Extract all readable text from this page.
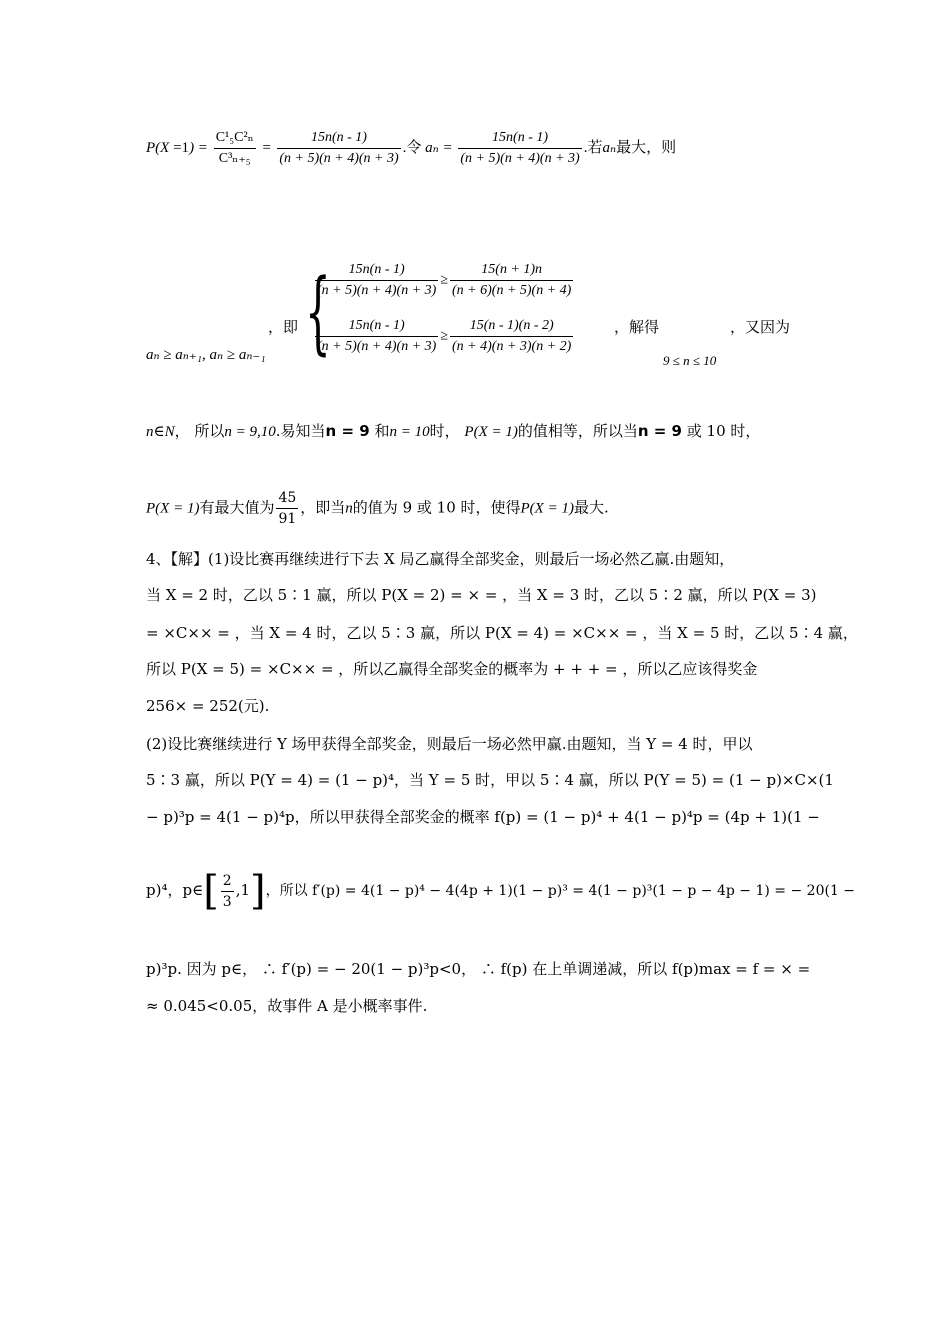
$P(X =1) = \frac{\text{C¹₅C²ₙ}}{\text{C³ₙ₊₅}} = \frac{15n(n - 1)}{(n + 5)(n + 4)(n + 3)}$ .令 $a_n = \frac{15n(n - 1)}{(n + 5)(n + 4)(n + 3)}$ .若aₙ最大，则
aₙ ≥ aₙ₊₁, aₙ ≥ aₙ₋₁
，即 {
$\frac{15n(n - 1)}{(n + 5)(n + 4)(n + 3)} \ge \frac{15(n + 1)n}{(n + 6)(n + 5)(n + 4)}$
$\frac{15n(n - 1)}{(n + 5)(n + 4)(n + 3)} \ge \frac{15(n - 1)(n - 2)}{(n + 4)(n + 3)(n + 2)}$	，解得	，又因为
9 ≤ n ≤ 10
n∈N， 所以n = 9,10.易知当n = 9 和n = 10时， P(X = 1)的值相等，所以当n = 9 或 10 时，
P(X = 1)有最大值为 $\frac{45}{91}$ ，即当n的值为 9 或 10 时，使得P(X = 1)最大.
4、【解】(1)设比赛再继续进行下去 X 局乙赢得全部奖金，则最后一场必然乙赢.由题知，
当 X = 2 时，乙以 5∶1 赢，所以 P(X = 2) = × = ，当 X = 3 时，乙以 5∶2 赢，所以 P(X = 3)
= ×C×× = ，当 X = 4 时，乙以 5∶3 赢，所以 P(X = 4) = ×C×× = ，当 X = 5 时，乙以 5∶4 赢，
所以 P(X = 5) = ×C×× = ，所以乙赢得全部奖金的概率为 + + + = ，所以乙应该得奖金
256× = 252(元).
(2)设比赛继续进行 Y 场甲获得全部奖金，则最后一场必然甲赢.由题知，当 Y = 4 时，甲以
5∶3 赢，所以 P(Y = 4) = (1 − p)⁴，当 Y = 5 时，甲以 5∶4 赢，所以 P(Y = 5) = (1 − p)×C×(1
− p)³p = 4(1 − p)⁴p，所以甲获得全部奖金的概率 f(p) = (1 − p)⁴ + 4(1 − p)⁴p = (4p + 1)(1 −
p)⁴，p∈[ $\frac{2}{3} ,1$]，所以 f′(p) = 4(1 − p)⁴ − 4(4p + 1)(1 − p)³ = 4(1 − p)³(1 − p − 4p − 1) = − 20(1 −
p)³p. 因为 p∈， ∴ f′(p) = − 20(1 − p)³p<0， ∴ f(p) 在上单调递减，所以 f(p)max = f = × =
≈ 0.045<0.05，故事件 A 是小概率事件.
